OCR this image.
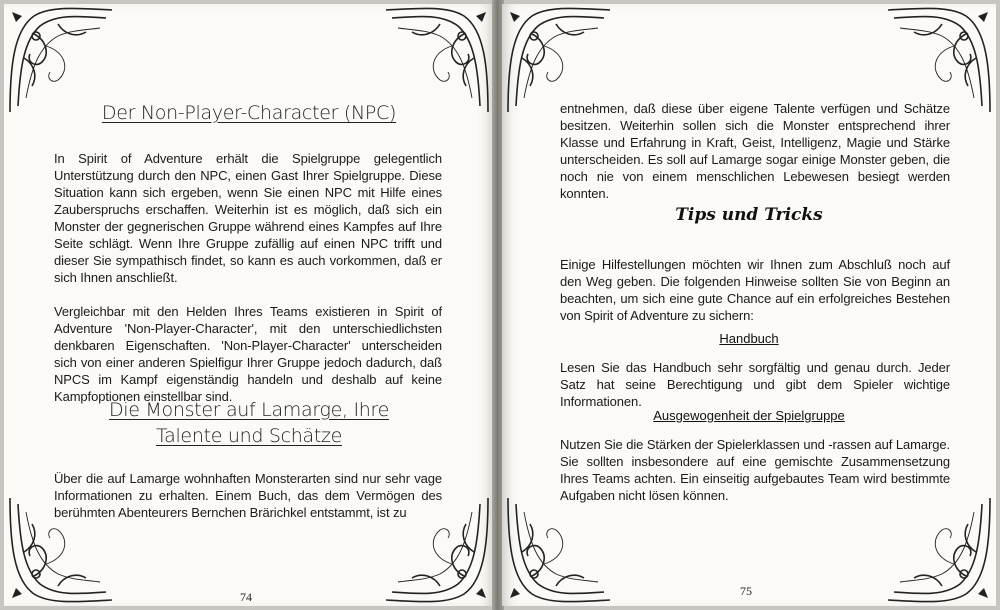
Der Non-Player-Character (NPC)

In Spirit of Adventure erhält die Spielgruppe gelegentlich Unterstützung durch den NPC, einen Gast Ihrer Spielgruppe. Diese Situation kann sich ergeben, wenn Sie einen NPC mit Hilfe eines Zauberspruchs erschaffen. Weiterhin ist es möglich, daß sich ein Monster der gegnerischen Gruppe während eines Kampfes auf Ihre Seite schlägt. Wenn Ihre Gruppe zufällig auf einen NPC trifft und dieser Sie sympathisch findet, so kann es auch vorkommen, daß er sich Ihnen anschließt.

Vergleichbar mit den Helden Ihres Teams existieren in Spirit of Adventure 'Non-Player-Character', mit den unterschiedlichsten denkbaren Eigenschaften. 'Non-Player-Character' unterscheiden sich von einer anderen Spielfigur Ihrer Gruppe jedoch dadurch, daß NPCS im Kampf eigenständig handeln und deshalb auf keine Kampfoptionen einstellbar sind.

Die Monster auf Lamarge, Ihre Talente und Schätze

Über die auf Lamarge wohnhaften Monsterarten sind nur sehr vage Informationen zu erhalten. Einem Buch, das dem Vermögen des berühmten Abenteurers Bernchen Brärichkel entstammt, ist zu

74

entnehmen, daß diese über eigene Talente verfügen und Schätze besitzen. Weiterhin sollen sich die Monster entsprechend ihrer Klasse und Erfahrung in Kraft, Geist, Intelligenz, Magie und Stärke unterscheiden. Es soll auf Lamarge sogar einige Monster geben, die noch nie von einem menschlichen Lebewesen besiegt werden konnten.

Tips und Tricks

Einige Hilfestellungen möchten wir Ihnen zum Abschluß noch auf den Weg geben. Die folgenden Hinweise sollten Sie von Beginn an beachten, um sich eine gute Chance auf ein erfolgreiches Bestehen von Spirit of Adventure zu sichern:

Handbuch

Lesen Sie das Handbuch sehr sorgfältig und genau durch. Jeder Satz hat seine Berechtigung und gibt dem Spieler wichtige Informationen.

Ausgewogenheit der Spielgruppe

Nutzen Sie die Stärken der Spielerklassen und -rassen auf Lamarge. Sie sollten insbesondere auf eine gemischte Zusammensetzung Ihres Teams achten. Ein einseitig aufgebautes Team wird bestimmte Aufgaben nicht lösen können.

75
